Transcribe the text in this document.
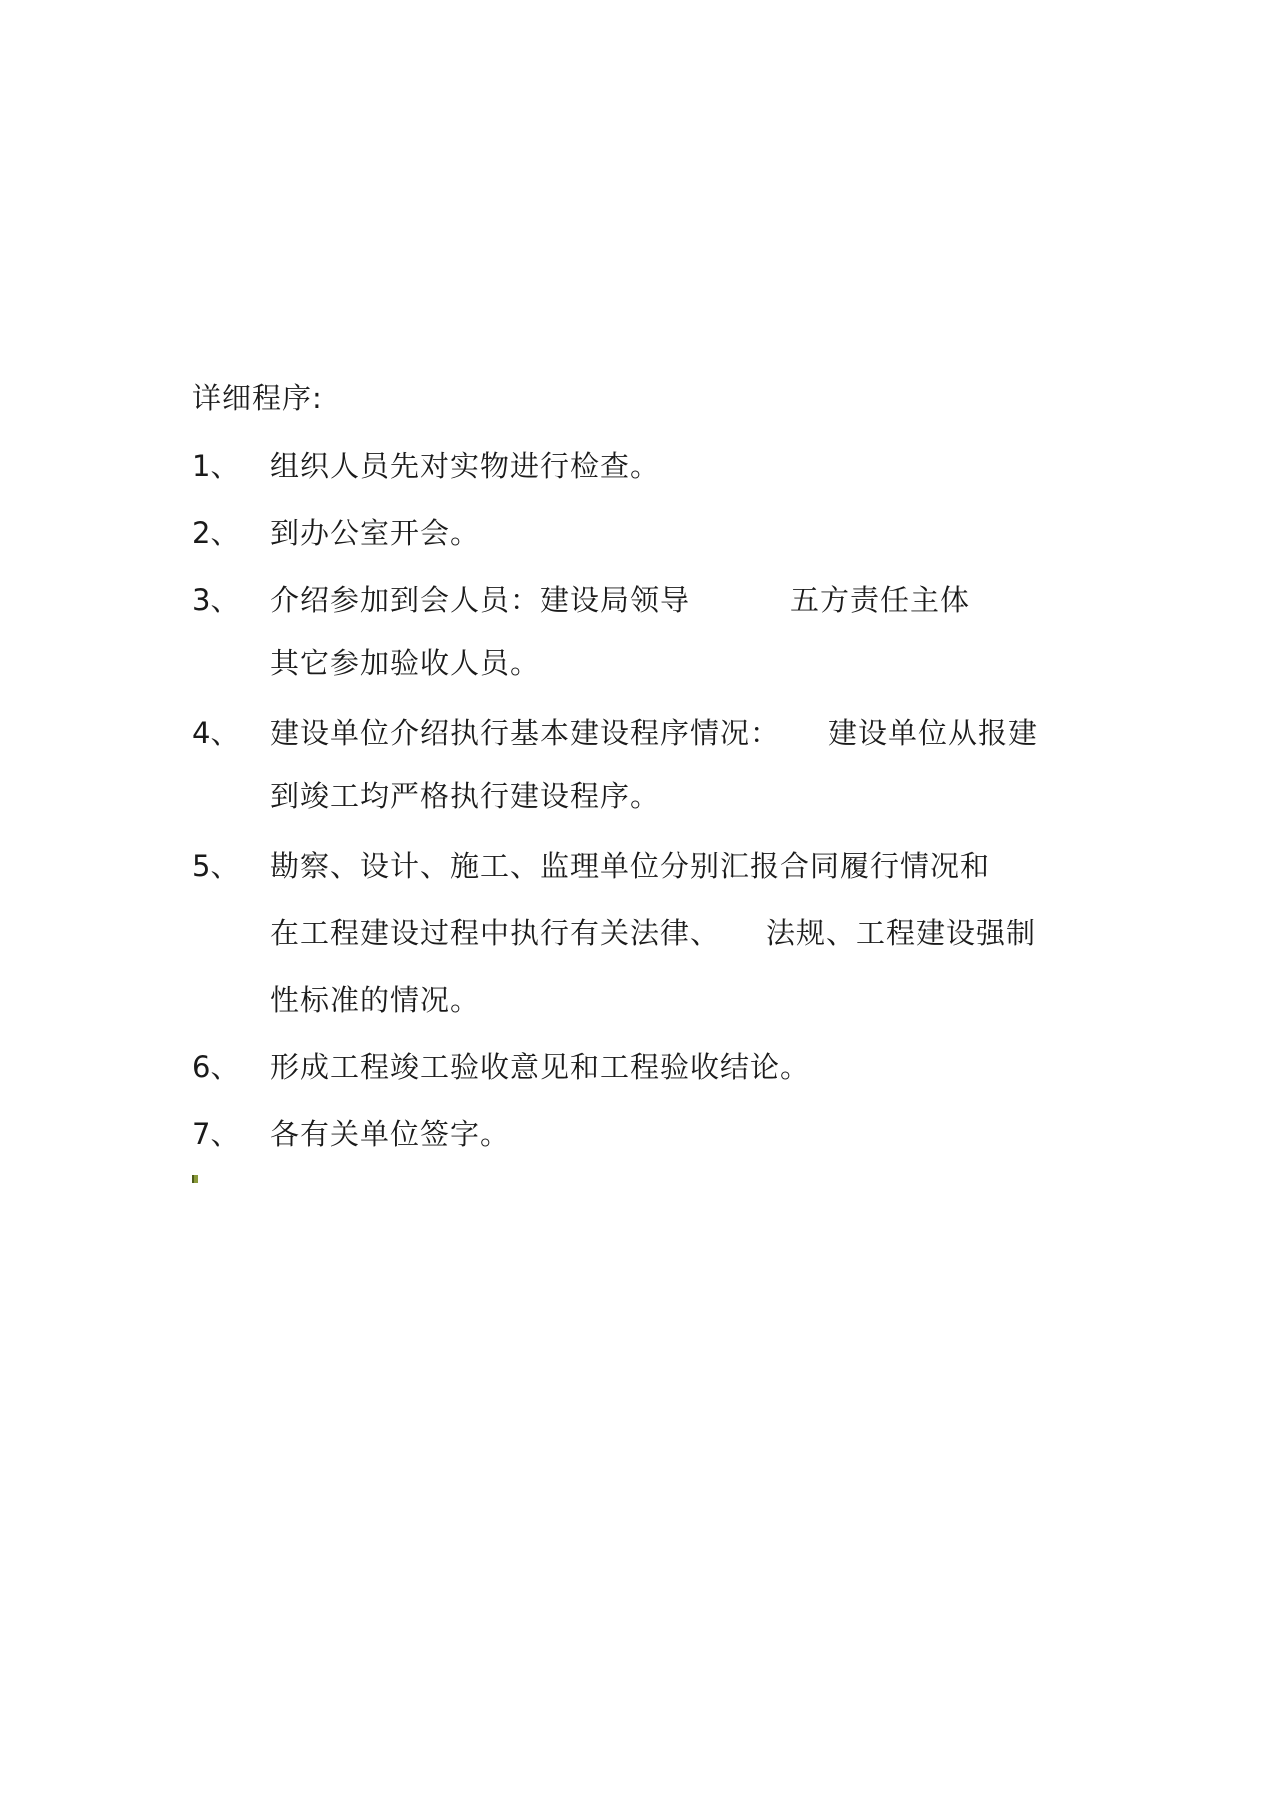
详细程序:
1、 组织人员先对实物进行检查。
2、 到办公室开会。
3、 介绍参加到会人员：建设局领导	五方责任主体
其它参加验收人员。
4、 建设单位介绍执行基本建设程序情况： 建设单位从报建
到竣工均严格执行建设程序。
5、 勘察、设计、施工、监理单位分别汇报合同履行情况和
在工程建设过程中执行有关法律、 法规、工程建设强制
性标准的情况。
6、 形成工程竣工验收意见和工程验收结论。
7、 各有关单位签字。
